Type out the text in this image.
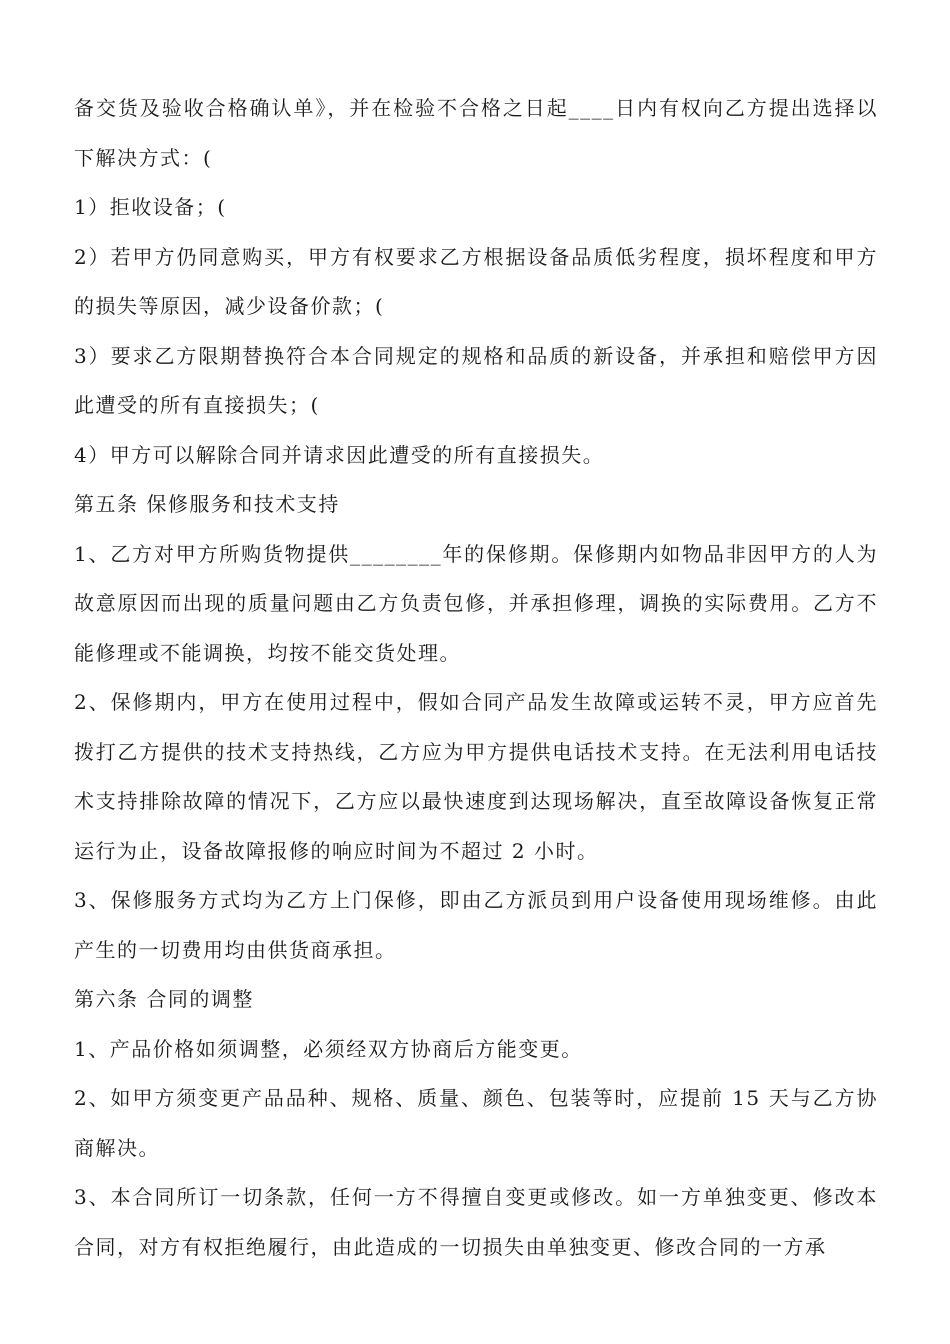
备交货及验收合格确认单》，并在检验不合格之日起____日内有权向乙方提出选择以下解决方式：(

1）拒收设备；(

2）若甲方仍同意购买，甲方有权要求乙方根据设备品质低劣程度，损坏程度和甲方的损失等原因，减少设备价款；(

3）要求乙方限期替换符合本合同规定的规格和品质的新设备，并承担和赔偿甲方因此遭受的所有直接损失；(

4）甲方可以解除合同并请求因此遭受的所有直接损失。

第五条 保修服务和技术支持

1、乙方对甲方所购货物提供________年的保修期。保修期内如物品非因甲方的人为故意原因而出现的质量问题由乙方负责包修，并承担修理，调换的实际费用。乙方不能修理或不能调换，均按不能交货处理。

2、保修期内，甲方在使用过程中，假如合同产品发生故障或运转不灵，甲方应首先拨打乙方提供的技术支持热线，乙方应为甲方提供电话技术支持。在无法利用电话技术支持排除故障的情况下，乙方应以最快速度到达现场解决，直至故障设备恢复正常运行为止，设备故障报修的响应时间为不超过 2 小时。

3、保修服务方式均为乙方上门保修，即由乙方派员到用户设备使用现场维修。由此产生的一切费用均由供货商承担。

第六条 合同的调整

1、产品价格如须调整，必须经双方协商后方能变更。

2、如甲方须变更产品品种、规格、质量、颜色、包装等时，应提前 15 天与乙方协商解决。

3、本合同所订一切条款，任何一方不得擅自变更或修改。如一方单独变更、修改本合同，对方有权拒绝履行，由此造成的一切损失由单独变更、修改合同的一方承
